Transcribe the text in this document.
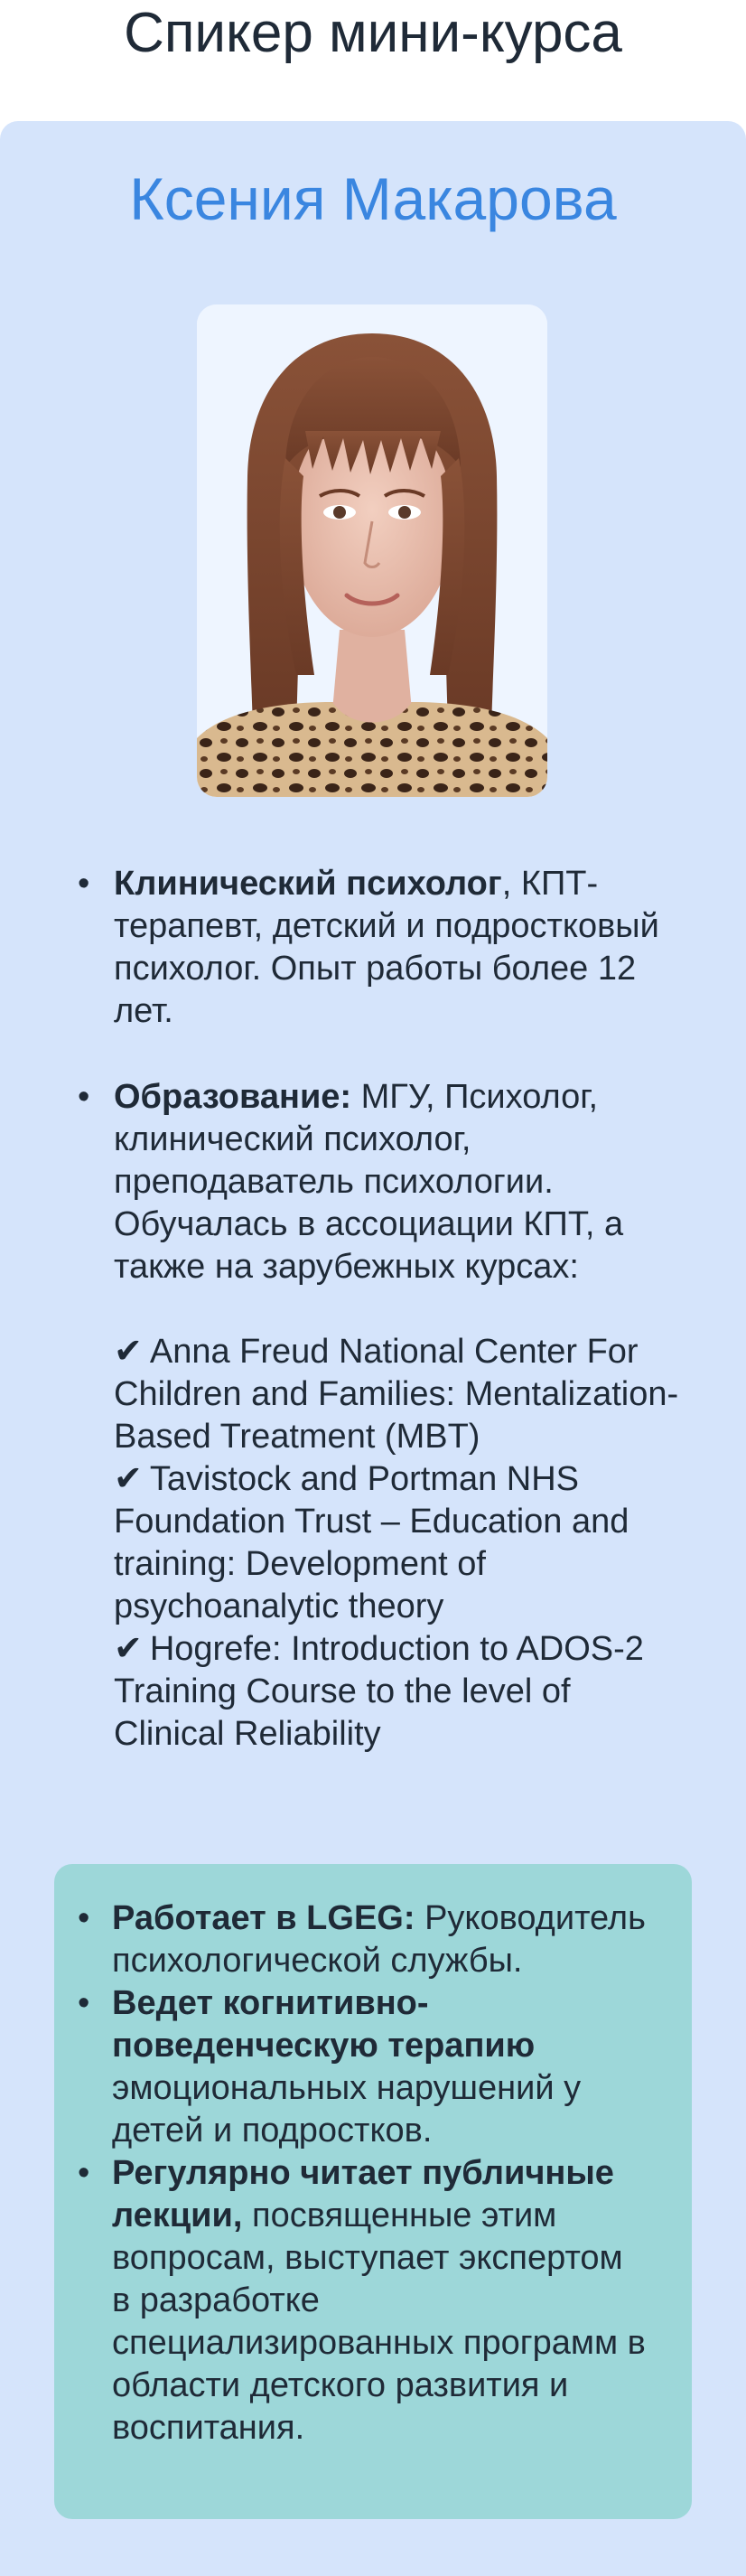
Спикер мини-курса
Ксения Макарова
• Клинический психолог, КПТ-терапевт, детский и подростковый психолог. Опыт работы более 12 лет.
• Образование: МГУ, Психолог, клинический психолог, преподаватель психологии. Обучалась в ассоциации КПТ, а также на зарубежных курсах:
✔ Anna Freud National Center For Children and Families: Mentalization-Based Treatment (MBT)
✔ Tavistock and Portman NHS Foundation Trust – Education and training: Development of psychoanalytic theory
✔ Hogrefe: Introduction to ADOS-2 Training Course to the level of Clinical Reliability
• Работает в LGEG: Руководитель психологической службы.
• Ведет когнитивно-поведенческую терапию эмоциональных нарушений у детей и подростков.
• Регулярно читает публичные лекции, посвященные этим вопросам, выступает экспертом в разработке специализированных программ в области детского развития и воспитания.
